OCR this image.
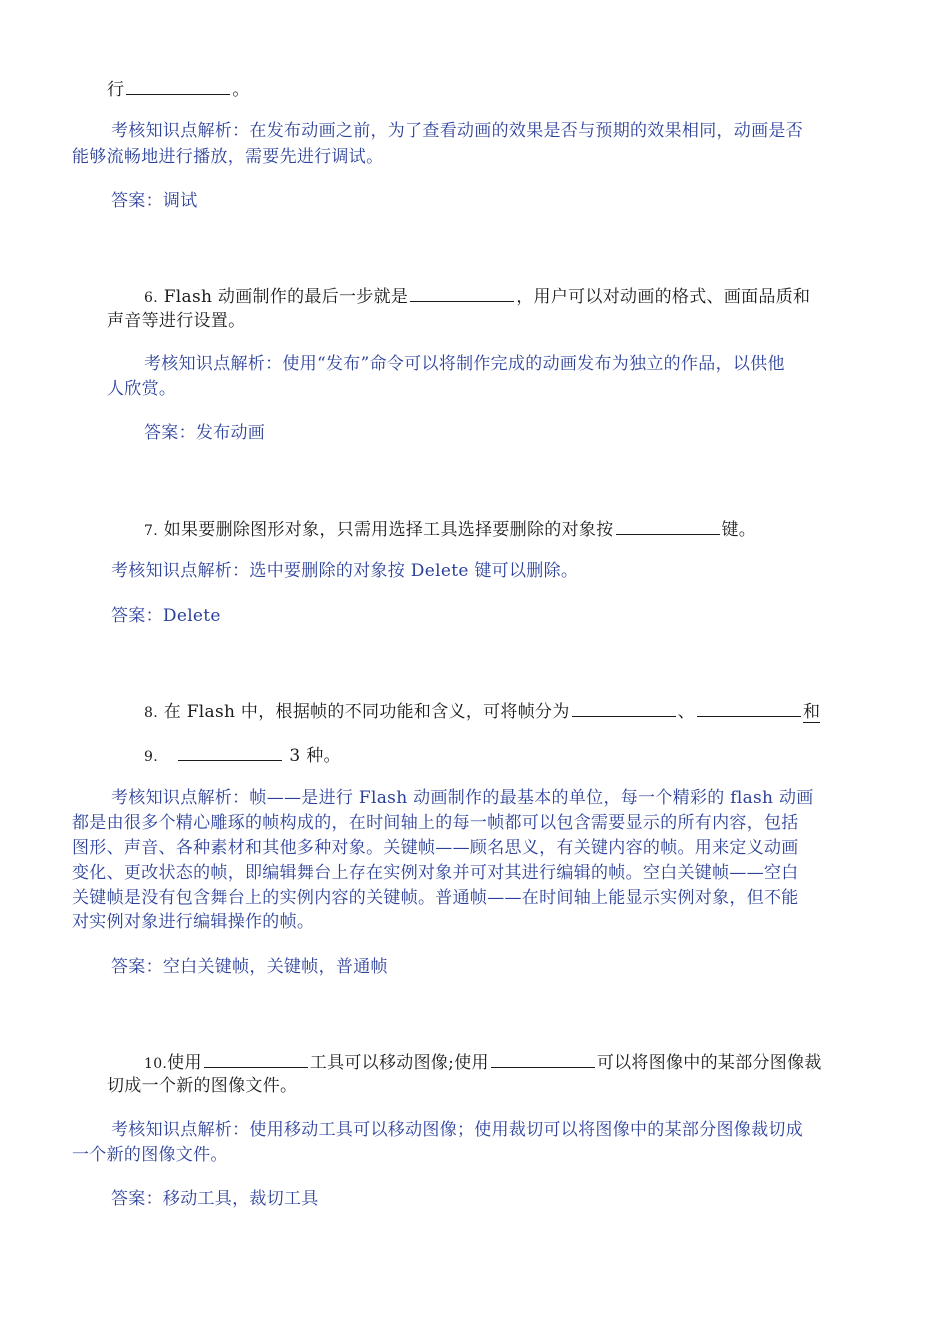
行	。
考核知识点解析：在发布动画之前，为了查看动画的效果是否与预期的效果相同，动画是否
能够流畅地进行播放，需要先进行调试。
答案：调试
6. Flash 动画制作的最后一步就是	，用户可以对动画的格式、画面品质和
声音等进行设置。
考核知识点解析：使用“发布”命令可以将制作完成的动画发布为独立的作品，以供他
人欣赏。
答案：发布动画
7. 如果要删除图形对象，只需用选择工具选择要删除的对象按	键。
考核知识点解析：选中要删除的对象按 Delete 键可以删除。
答案：Delete
8. 在 Flash 中，根据帧的不同功能和含义，可将帧分为	、	和
9.	3 种。
考核知识点解析：帧——是进行 Flash 动画制作的最基本的单位，每一个精彩的 flash 动画
都是由很多个精心雕琢的帧构成的，在时间轴上的每一帧都可以包含需要显示的所有内容，包括
图形、声音、各种素材和其他多种对象。关键帧——顾名思义，有关键内容的帧。用来定义动画
变化、更改状态的帧，即编辑舞台上存在实例对象并可对其进行编辑的帧。空白关键帧——空白
关键帧是没有包含舞台上的实例内容的关键帧。普通帧——在时间轴上能显示实例对象，但不能
对实例对象进行编辑操作的帧。
答案：空白关键帧，关键帧，普通帧
10.使用	工具可以移动图像;使用	可以将图像中的某部分图像裁
切成一个新的图像文件。
考核知识点解析：使用移动工具可以移动图像；使用裁切可以将图像中的某部分图像裁切成
一个新的图像文件。
答案：移动工具，裁切工具
